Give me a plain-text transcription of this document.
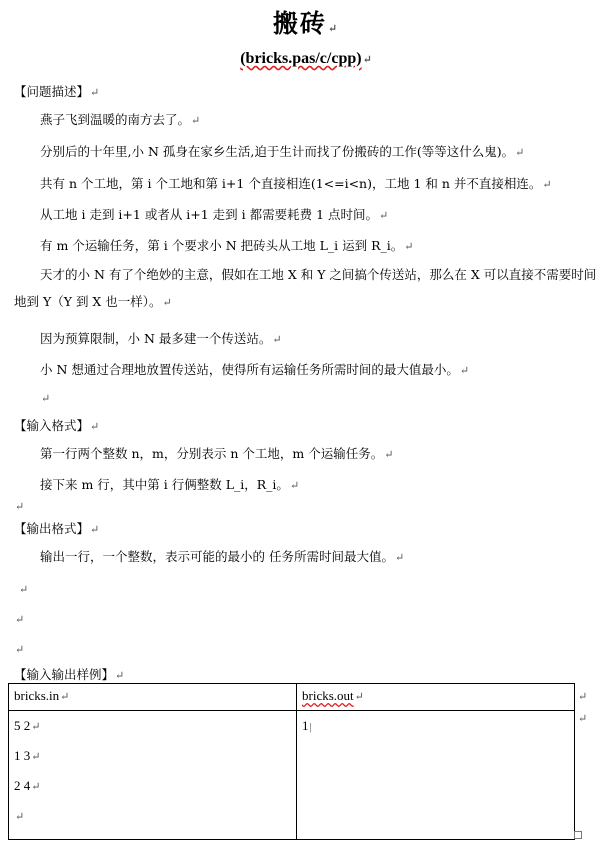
搬砖↵
(bricks.pas/c/cpp)↵
【问题描述】↵
燕子飞到温暖的南方去了。↵
分别后的十年里,小 N 孤身在家乡生活,迫于生计而找了份搬砖的工作(等等这什么鬼)。↵
共有 n 个工地，第 i 个工地和第 i+1 个直接相连(1<=i<n)，工地 1 和 n 并不直接相连。↵
从工地 i 走到 i+1 或者从 i+1 走到 i 都需要耗费 1 点时间。↵
有 m 个运输任务，第 i 个要求小 N 把砖头从工地 L_i 运到 R_i。↵
天才的小 N 有了个绝妙的主意，假如在工地 X 和 Y 之间搞个传送站，那么在 X 可以直接不需要时间地到 Y（Y 到 X 也一样）。↵
因为预算限制，小 N 最多建一个传送站。↵
小 N 想通过合理地放置传送站，使得所有运输任务所需时间的最大值最小。↵
↵
【输入格式】↵
第一行两个整数 n，m，分别表示 n 个工地，m 个运输任务。↵
接下来 m 行，其中第 i 行俩整数 L_i，R_i。↵
↵
【输出格式】↵
输出一行，一个整数，表示可能的最小的 任务所需时间最大值。↵
↵
↵
↵
【输入输出样例】↵
bricks.in↵	bricks.out↵

5 2↵
1 3↵
2 4↵
↵	1|
↵
↵
